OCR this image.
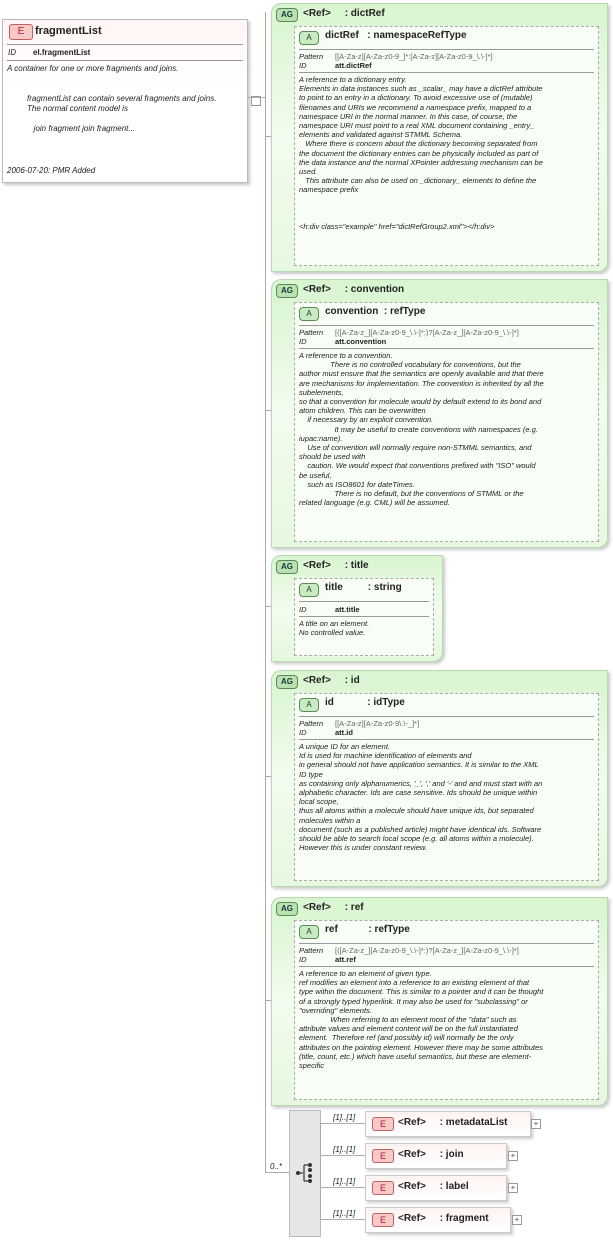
E fragmentList
ID el.fragmentList
A container for one or more fragments and joins.
fragmentList can contain several fragments and joins.
The normal content model is

join fragment join fragment...
2006-07-20: PMR Added
AG	<Ref> : dictRef
A	dictRef : namespaceRefType
Pattern [[A-Za-z][A-Za-z0-9_]*:[A-Za-z][A-Za-z0-9_\.\-]*]
ID	att.dictRef
A reference to a dictionary entry.
Elements in data instances such as _scalar_ may have a dictRef attribute
to point to an entry in a dictionary. To avoid excessive use of (mutable)
filenames and URIs we recommend a namespace prefix, mapped to a
namespace URI in the normal manner. In this case, of course, the
namespace URI must point to a real XML document containing _entry_
elements and validated against STMML Schema.
Where there is concern about the dictionary becoming separated from
the document the dictionary entries can be physically included as part of
the data instance and the normal XPointer addressing mechanism can be
used.
This attribute can also be used on _dictionary_ elements to define the
namespace prefix

<h:div class="example" href="dictRefGroup2.xml"></h:div>
AG	<Ref> : convention
A	convention : refType
Pattern [([A-Za-z_][A-Za-z0-9_\.\-]*:)?[A-Za-z_][A-Za-z0-9_\.\-]*]
ID	att.convention
A reference to a convention.
There is no controlled vocabulary for conventions, but the
author must ensure that the semantics are openly available and that there
are mechanisms for implementation. The convention is inherited by all the
subelements,
so that a convention for molecule would by default extend to its bond and
atom children. This can be overwritten
if necessary by an explicit convention.
It may be useful to create conventions with namespaces (e.g.
iupac:name).
Use of convention will normally require non-STMML semantics, and
should be used with
caution. We would expect that conventions prefixed with "ISO" would
be useful,
such as ISO8601 for dateTimes.
There is no default, but the conventions of STMML or the
related language (e.g. CML) will be assumed.
AG	<Ref> : title
A	title	: string
ID	att.title
A title on an element.
No controlled value.
AG	<Ref> : id
A	id	: idType
Pattern [[A-Za-z][A-Za-z0-9\.\-_]*]
ID	att.id
A unique ID for an element.
Id is used for machine identification of elements and
in general should not have application semantics. It is similar to the XML
ID type
as containing only alphanumerics, '_', ',' and '-' and and must start with an
alphabetic character. Ids are case sensitive. Ids should be unique within
local scope,
thus all atoms within a molecule should have unique ids, but separated
molecules within a
document (such as a published article) might have identical ids. Software
should be able to search local scope (e.g. all atoms within a molecule).
However this is under constant review.
AG	<Ref> : ref
A	ref	: refType
Pattern [([A-Za-z_][A-Za-z0-9_\.\-]*:)?[A-Za-z_][A-Za-z0-9_\.\-]*]
ID	att.ref
A reference to an element of given type.
ref modifies an element into a reference to an existing element of that
type within the document. This is similar to a pointer and it can be thought
of a strongly typed hyperlink. It may also be used for "subclassing" or
"overriding" elements.
When referring to an element most of the "data" such as
attribute values and element content will be on the full instantiated
element.  Therefore ref (and possibly id) will normally be the only
attributes on the pointing element. However there may be some attributes
(title, count, etc.) which have useful semantics, but these are element-
specific
0..*
[1]..[1]
E	<Ref> : metadataList	+
[1]..[1]
E	<Ref> : join	+
[1]..[1]
E	<Ref> : label	+
[1]..[1]
E	<Ref> : fragment	+
